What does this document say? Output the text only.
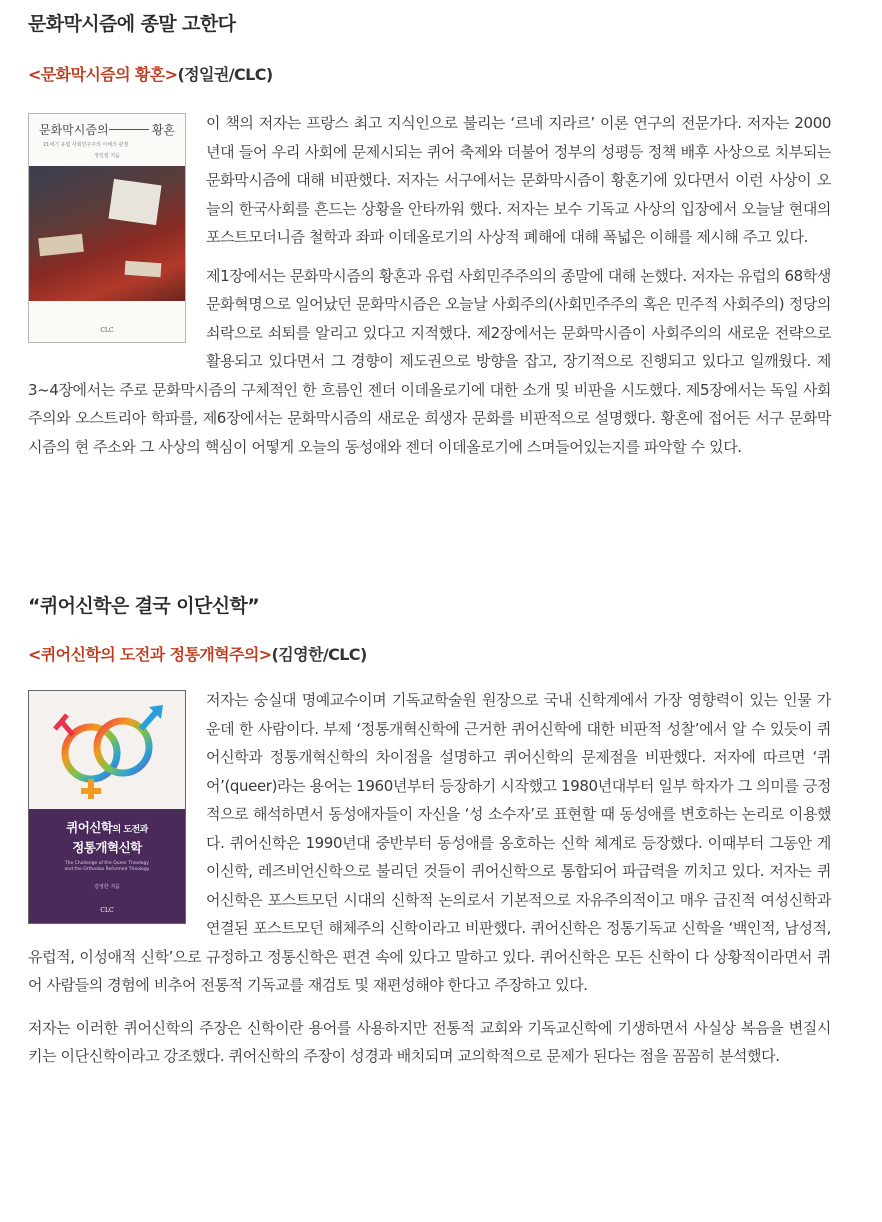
문화막시즘에 종말 고한다

<문화막시즘의 황혼>(정일권/CLC)

문화막시즘의	황혼
21세기 유럽 사회민주주의 이해의 관점
정일권 지음
CLC

이 책의 저자는 프랑스 최고 지식인으로 불리는 ‘르네 지라르’ 이론 연구의 전문가다. 저자는 2000년대 들어 우리 사회에 문제시되는 퀴어 축제와 더불어 정부의 성평등 정책 배후 사상으로 치부되는 문화막시즘에 대해 비판했다. 저자는 서구에서는 문화막시즘이 황혼기에 있다면서 이런 사상이 오늘의 한국사회를 흔드는 상황을 안타까워 했다. 저자는 보수 기독교 사상의 입장에서 오늘날 현대의 포스트모더니즘 철학과 좌파 이데올로기의 사상적 폐해에 대해 폭넓은 이해를 제시해 주고 있다.

제1장에서는 문화막시즘의 황혼과 유럽 사회민주주의의 종말에 대해 논했다. 저자는 유럽의 68학생문화혁명으로 일어났던 문화막시즘은 오늘날 사회주의(사회민주주의 혹은 민주적 사회주의) 정당의 쇠락으로 쇠퇴를 알리고 있다고 지적했다. 제2장에서는 문화막시즘이 사회주의의 새로운 전략으로 활용되고 있다면서 그 경향이 제도권으로 방향을 잡고, 장기적으로 진행되고 있다고 일깨웠다. 제3~4장에서는 주로 문화막시즘의 구체적인 한 흐름인 젠더 이데올로기에 대한 소개 및 비판을 시도했다. 제5장에서는 독일 사회주의와 오스트리아 학파를, 제6장에서는 문화막시즘의 새로운 희생자 문화를 비판적으로 설명했다. 황혼에 접어든 서구 문화막시즘의 현 주소와 그 사상의 핵심이 어떻게 오늘의 동성애와 젠더 이데올로기에 스며들어있는지를 파악할 수 있다.

“퀴어신학은 결국 이단신학”

<퀴어신학의 도전과 정통개혁주의>(김영한/CLC)

퀴어신학의 도전과
정통개혁신학
The Challenge of the Queer Theology
and the Orthodox Reformed Theology
김영한 지음
CLC

저자는 숭실대 명예교수이며 기독교학술원 원장으로 국내 신학계에서 가장 영향력이 있는 인물 가운데 한 사람이다. 부제 ‘정통개혁신학에 근거한 퀴어신학에 대한 비판적 성찰’에서 알 수 있듯이 퀴어신학과 정통개혁신학의 차이점을 설명하고 퀴어신학의 문제점을 비판했다. 저자에 따르면 ‘퀴어’(queer)라는 용어는 1960년부터 등장하기 시작했고 1980년대부터 일부 학자가 그 의미를 긍정적으로 해석하면서 동성애자들이 자신을 ‘성 소수자’로 표현할 때 동성애를 변호하는 논리로 이용했다. 퀴어신학은 1990년대 중반부터 동성애를 옹호하는 신학 체계로 등장했다. 이때부터 그동안 게이신학, 레즈비언신학으로 불리던 것들이 퀴어신학으로 통합되어 파급력을 끼치고 있다. 저자는 퀴어신학은 포스트모던 시대의 신학적 논의로서 기본적으로 자유주의적이고 매우 급진적 여성신학과 연결된 포스트모던 해체주의 신학이라고 비판했다. 퀴어신학은 정통기독교 신학을 ‘백인적, 남성적, 유럽적, 이성애적 신학’으로 규정하고 정통신학은 편견 속에 있다고 말하고 있다. 퀴어신학은 모든 신학이 다 상황적이라면서 퀴어 사람들의 경험에 비추어 전통적 기독교를 재검토 및 재편성해야 한다고 주장하고 있다.

저자는 이러한 퀴어신학의 주장은 신학이란 용어를 사용하지만 전통적 교회와 기독교신학에 기생하면서 사실상 복음을 변질시키는 이단신학이라고 강조했다. 퀴어신학의 주장이 성경과 배치되며 교의학적으로 문제가 된다는 점을 꼼꼼히 분석했다.
